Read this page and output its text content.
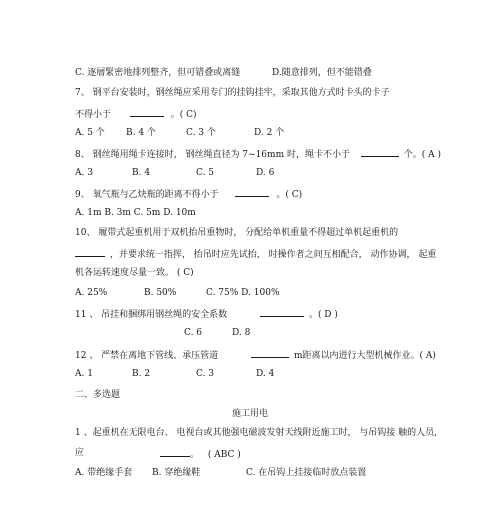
C. 逐層緊密地排列整齐，但可错叠或离缝	D.随意排列，但不能错叠
7、 钢平台安装时，钢丝绳应采用专门的挂钩挂牢，采取其他方式时卡头的卡子
不得小于	。( C)
A. 5 个 B. 4 个	C. 3 个	D. 2 个
8、 钢丝绳用绳卡连接时， 钢丝绳直径为 7~16mm 时，绳卡不小于	个。( A )
A. 3	B. 4	C. 5	D. 6
9、 氧气瓶与乙炔瓶的距离不得小于	。( C)
A. 1m B. 3m C. 5m D. 10m
10、 履带式起重机用于双机抬吊重物时， 分配给单机重量不得超过单机起重机的
，并要求统一指挥， 抬吊时应先试抬， 时操作者之间互相配合， 动作协调， 起重
机各运转速度尽量一致。 ( C)
A. 25%	B. 50%	C. 75% D. 100%
11 、 吊挂和捆绑用钢丝绳的安全系数	。( D )
C. 6	D. 8
12 、 严禁在离地下管线、承压管道	m距离以内进行大型机械作业。( A)
A. 1	B. 2	C. 3	D. 4
二、多选题
施工用电
1 、起重机在无限电台、 电视台或其他强电磁波发射天线附近施工时， 与吊钩接 触的人员,
应	。 ( ABC )
A. 带绝缘手套 B. 穿绝缘鞋	C. 在吊钩上挂接临时放点装置
